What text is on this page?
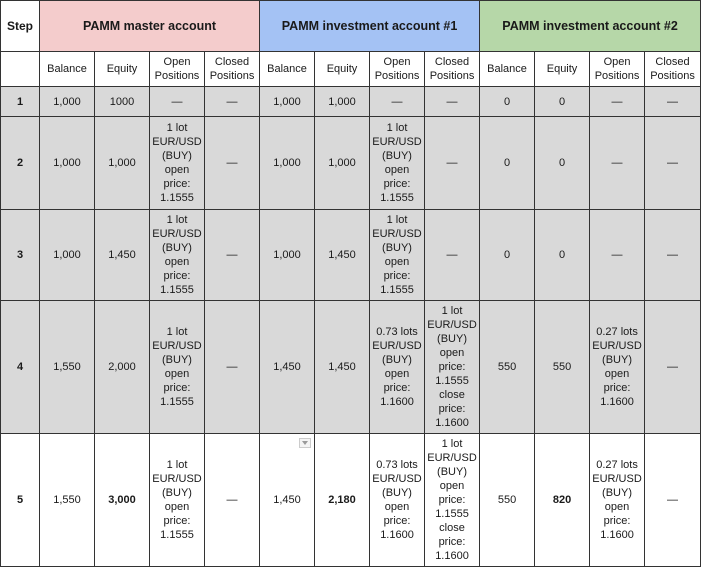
Step	PAMM master account				PAMM investment account #1				PAMM investment account #2			
	Balance	Equity	Open Positions	Closed Positions	Balance	Equity	Open Positions	Closed Positions	Balance	Equity	Open Positions	Closed Positions
1	1,000	1000	—	—	1,000	1,000	—	—	0	0	—	—
2	1,000	1,000	1 lot EUR/USD (BUY) open price: 1.1555	—	1,000	1,000	1 lot EUR/USD (BUY) open price: 1.1555	—	0	0	—	—
3	1,000	1,450	1 lot EUR/USD (BUY) open price: 1.1555	—	1,000	1,450	1 lot EUR/USD (BUY) open price: 1.1555	—	0	0	—	—
4	1,550	2,000	1 lot EUR/USD (BUY) open price: 1.1555	—	1,450	1,450	0.73 lots EUR/USD (BUY) open price: 1.1600	1 lot EUR/USD (BUY) open price: 1.1555 close price: 1.1600	550	550	0.27 lots EUR/USD (BUY) open price: 1.1600	—
5	1,550	3,000	1 lot EUR/USD (BUY) open price: 1.1555	—	1,450	2,180	0.73 lots EUR/USD (BUY) open price: 1.1600	1 lot EUR/USD (BUY) open price: 1.1555 close price: 1.1600	550	820	0.27 lots EUR/USD (BUY) open price: 1.1600	—
